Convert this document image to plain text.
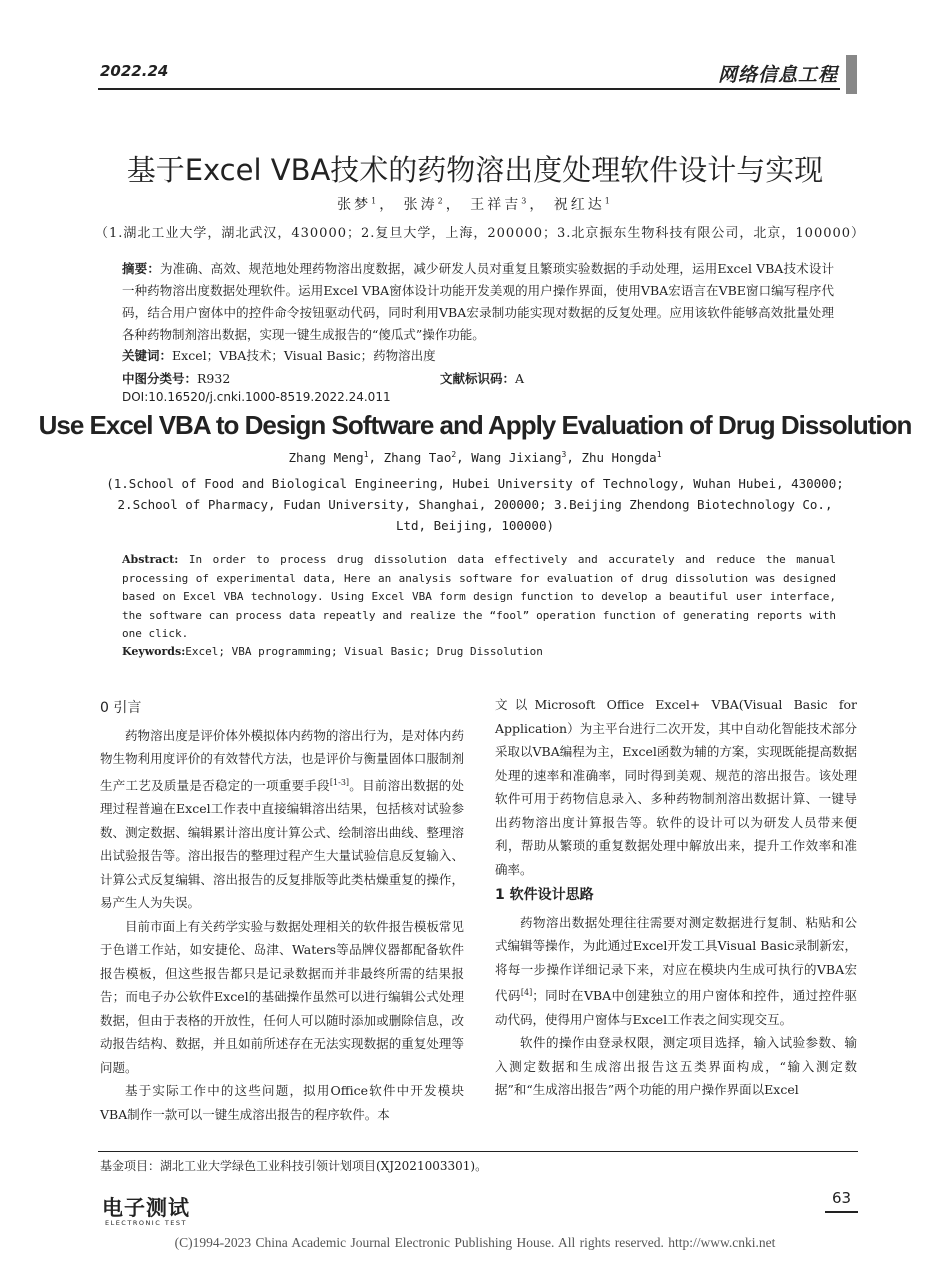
2022.24	网络信息工程
基于Excel VBA技术的药物溶出度处理软件设计与实现
张梦$^1$， 张涛$^2$， 王祥吉$^3$， 祝红达$^1$
（1.湖北工业大学，湖北武汉，430000；2.复旦大学，上海，200000；3.北京振东生物科技有限公司，北京，100000）
摘要：为准确、高效、规范地处理药物溶出度数据，减少研发人员对重复且繁琐实验数据的手动处理，运用Excel VBA技术设计一种药物溶出度数据处理软件。运用Excel VBA窗体设计功能开发美观的用户操作界面，使用VBA宏语言在VBE窗口编写程序代码，结合用户窗体中的控件命令按钮驱动代码，同时利用VBA宏录制功能实现对数据的反复处理。应用该软件能够高效批量处理各种药物制剂溶出数据，实现一键生成报告的“傻瓜式”操作功能。
关键词：Excel；VBA技术；Visual Basic；药物溶出度
中图分类号：R932	文献标识码：A
DOI:10.16520/j.cnki.1000-8519.2022.24.011
Use Excel VBA to Design Software and Apply Evaluation of Drug Dissolution
Zhang Meng$^1$, Zhang Tao$^2$, Wang Jixiang$^3$, Zhu Hongda$^1$
(1.School of Food and Biological Engineering, Hubei University of Technology, Wuhan Hubei, 430000; 2.School of Pharmacy, Fudan University, Shanghai, 200000; 3.Beijing Zhendong Biotechnology Co., Ltd, Beijing, 100000)
Abstract: In order to process drug dissolution data effectively and accurately and reduce the manual processing of experimental data, Here an analysis software for evaluation of drug dissolution was designed based on Excel VBA technology. Using Excel VBA form design function to develop a beautiful user interface, the software can process data repeatly and realize the “fool” operation function of generating reports with one click.
Keywords:Excel; VBA programming; Visual Basic; Drug Dissolution
0 引言

药物溶出度是评价体外模拟体内药物的溶出行为，是对体内药物生物利用度评价的有效替代方法，也是评价与衡量固体口服制剂生产工艺及质量是否稳定的一项重要手段[1-3]。目前溶出数据的处理过程普遍在Excel工作表中直接编辑溶出结果，包括核对试验参数、测定数据、编辑累计溶出度计算公式、绘制溶出曲线、整理溶出试验报告等。溶出报告的整理过程产生大量试验信息反复输入、计算公式反复编辑、溶出报告的反复排版等此类枯燥重复的操作，易产生人为失误。

目前市面上有关药学实验与数据处理相关的软件报告模板常见于色谱工作站，如安捷伦、岛津、Waters等品牌仪器都配备软件报告模板，但这些报告都只是记录数据而并非最终所需的结果报告；而电子办公软件Excel的基础操作虽然可以进行编辑公式处理数据，但由于表格的开放性，任何人可以随时添加或删除信息，改动报告结构、数据，并且如前所述存在无法实现数据的重复处理等问题。

基于实际工作中的这些问题，拟用Office软件中开发模块VBA制作一款可以一键生成溶出报告的程序软件。本

文以Microsoft Office Excel+ VBA(Visual Basic for Application）为主平台进行二次开发，其中自动化智能技术部分采取以VBA编程为主，Excel函数为辅的方案，实现既能提高数据处理的速率和准确率，同时得到美观、规范的溶出报告。该处理软件可用于药物信息录入、多种药物制剂溶出数据计算、一键导出药物溶出度计算报告等。软件的设计可以为研发人员带来便利，帮助从繁琐的重复数据处理中解放出来，提升工作效率和准确率。

1 软件设计思路

药物溶出数据处理往往需要对测定数据进行复制、粘贴和公式编辑等操作，为此通过Excel开发工具Visual Basic录制新宏，将每一步操作详细记录下来，对应在模块内生成可执行的VBA宏代码[4]；同时在VBA中创建独立的用户窗体和控件，通过控件驱动代码，使得用户窗体与Excel工作表之间实现交互。

软件的操作由登录权限，测定项目选择，输入试验参数、输入测定数据和生成溶出报告这五类界面构成，“输入测定数据”和“生成溶出报告”两个功能的用户操作界面以Excel

基金项目：湖北工业大学绿色工业科技引领计划项目(XJ2021003301)。
电子测试
ELECTRONIC TEST
63
(C)1994-2023 China Academic Journal Electronic Publishing House. All rights reserved. http://www.cnki.net
